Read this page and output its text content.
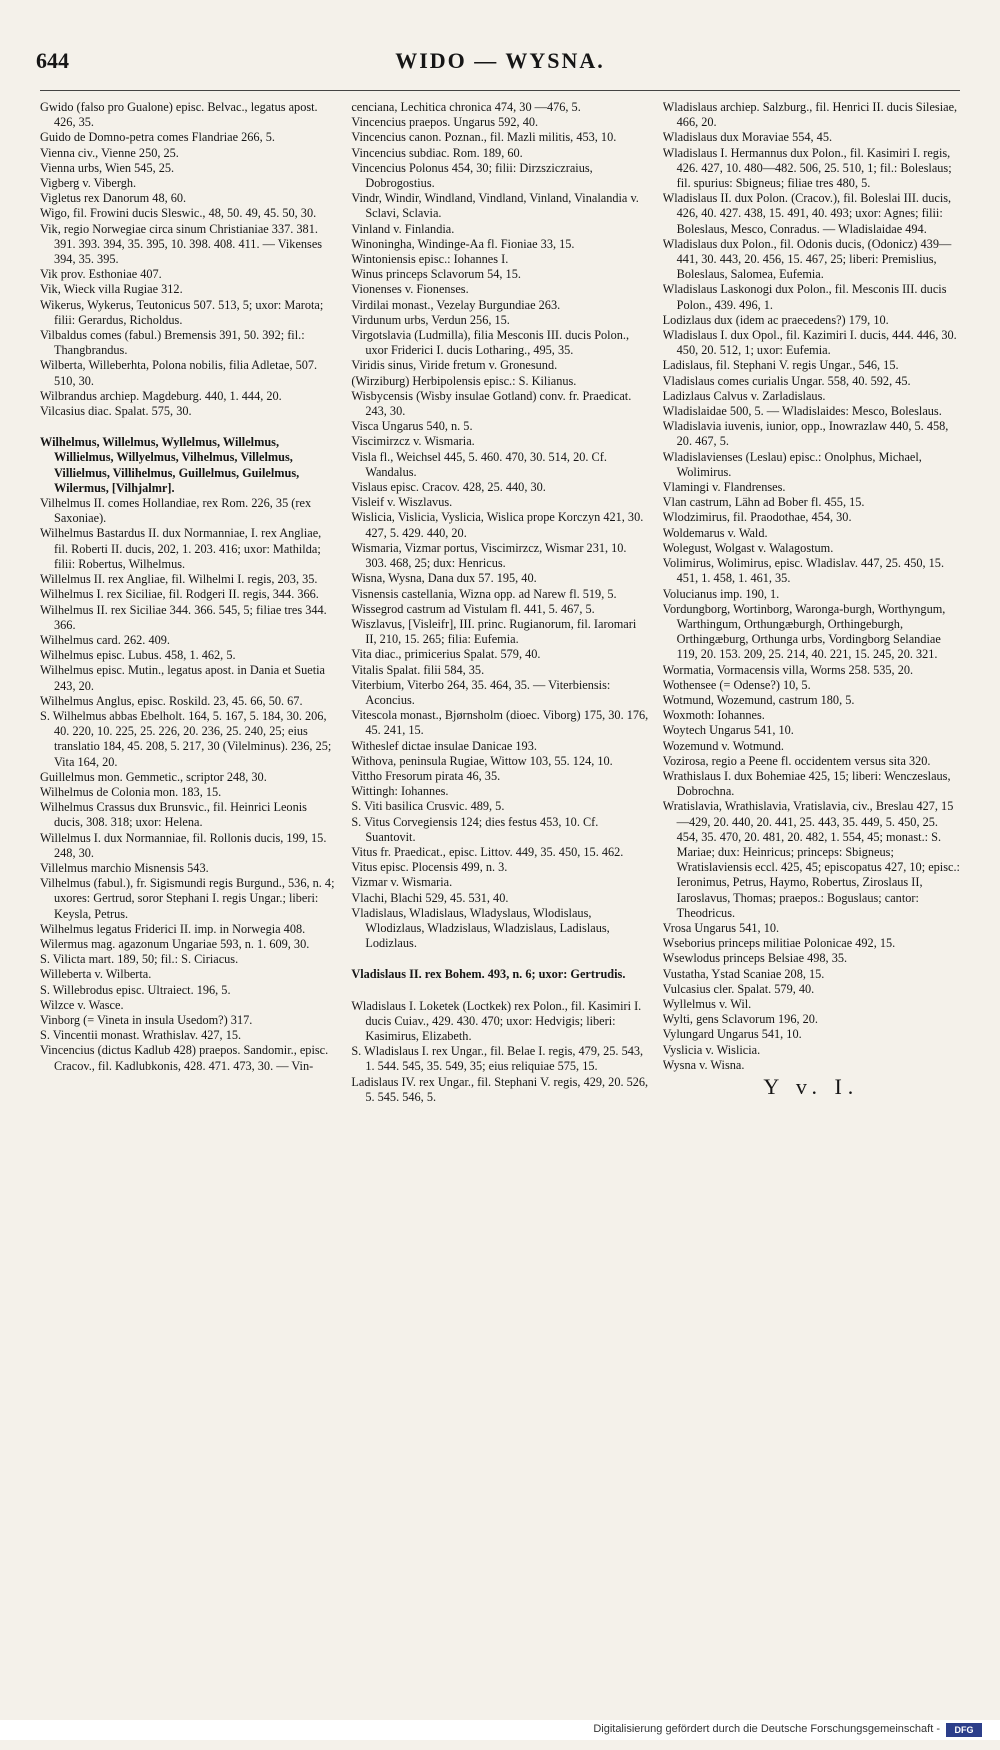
644	WIDO — WYSNA.
Gwido (falso pro Gualone) episc. Belvac., legatus apost. 426, 35.
Guido de Domno-petra comes Flandriae 266, 5.
Vienna civ., Vienne 250, 25.
Vienna urbs, Wien 545, 25.
Vigberg v. Vibergh.
Vigletus rex Danorum 48, 60.
Wigo, fil. Frowini ducis Sleswic., 48, 50. 49, 45. 50, 30.
Vik, regio Norwegiae circa sinum Christianiae 337. 381. 391. 393. 394, 35. 395, 10. 398. 408. 411. — Vikenses 394, 35. 395.
Vik prov. Esthoniae 407.
Vik, Wieck villa Rugiae 312.
Wikerus, Wykerus, Teutonicus 507. 513, 5; uxor: Marota; filii: Gerardus, Richoldus.
Vilbaldus comes (fabul.) Bremensis 391, 50. 392; fil.: Thangbrandus.
Wilberta, Willeberhta, Polona nobilis, filia Adletae, 507. 510, 30.
Wilbrandus archiep. Magdeburg. 440, 1. 444, 20.
Vilcasius diac. Spalat. 575, 30.
Wilhelmus, Willelmus, Wyllelmus, Willelmus, Willielmus, Willyelmus, Vilhelmus, Villelmus, Villielmus, Villihelmus, Guillelmus, Guilelmus, Wilermus, [Vilhjalmr].
Vilhelmus II. comes Hollandiae, rex Rom. 226, 35 (rex Saxoniae).
Wilhelmus Bastardus II. dux Normanniae, I. rex Angliae, fil. Roberti II. ducis, 202, 1. 203. 416; uxor: Mathilda; filii: Robertus, Wilhelmus.
Willelmus II. rex Angliae, fil. Wilhelmi I. regis, 203, 35.
Wilhelmus I. rex Siciliae, fil. Rodgeri II. regis, 344. 366.
Wilhelmus II. rex Siciliae 344. 366. 545, 5; filiae tres 344. 366.
Wilhelmus card. 262. 409.
Wilhelmus episc. Lubus. 458, 1. 462, 5.
Wilhelmus episc. Mutin., legatus apost. in Dania et Suetia 243, 20.
Wilhelmus Anglus, episc. Roskild. 23, 45. 66, 50. 67.
S. Wilhelmus abbas Ebelholt. 164, 5. 167, 5. 184, 30. 206, 40. 220, 10. 225, 25. 226, 20. 236, 25. 240, 25; eius translatio 184, 45. 208, 5. 217, 30 (Vilelminus). 236, 25; Vita 164, 20.
Guillelmus mon. Gemmetic., scriptor 248, 30.
Wilhelmus de Colonia mon. 183, 15.
Wilhelmus Crassus dux Brunsvic., fil. Heinrici Leonis ducis, 308. 318; uxor: Helena.
Willelmus I. dux Normanniae, fil. Rollonis ducis, 199, 15. 248, 30.
Villelmus marchio Misnensis 543.
Vilhelmus (fabul.), fr. Sigismundi regis Burgund., 536, n. 4; uxores: Gertrud, soror Stephani I. regis Ungar.; liberi: Keysla, Petrus.
Wilhelmus legatus Friderici II. imp. in Norwegia 408.
Wilermus mag. agazonum Ungariae 593, n. 1. 609, 30.
S. Vilicta mart. 189, 50; fil.: S. Ciriacus.
Willeberta v. Wilberta.
S. Willebrodus episc. Ultraiect. 196, 5.
Wilzce v. Wasce.
Vinborg (= Vineta in insula Usedom?) 317.
S. Vincentii monast. Wrathislav. 427, 15.
Vincencius (dictus Kadlub 428) praepos. Sandomir., episc. Cracov., fil. Kadlubkonis, 428. 471. 473, 30. — Vin-
cenciana, Lechitica chronica 474, 30 —476, 5.
Vincencius praepos. Ungarus 592, 40.
Vincencius canon. Poznan., fil. Mazli militis, 453, 10.
Vincencius subdiac. Rom. 189, 60.
Vincencius Polonus 454, 30; filii: Dirzsziczraius, Dobrogostius.
Vindr, Windir, Windland, Vindland, Vinland, Vinalandia v. Sclavi, Sclavia.
Vinland v. Finlandia.
Winoningha, Windinge-Aa fl. Fioniae 33, 15.
Wintoniensis episc.: Iohannes I.
Winus princeps Sclavorum 54, 15.
Vionenses v. Fionenses.
Virdilai monast., Vezelay Burgundiae 263.
Virdunum urbs, Verdun 256, 15.
Virgotslavia (Ludmilla), filia Mesconis III. ducis Polon., uxor Friderici I. ducis Lotharing., 495, 35.
Viridis sinus, Viride fretum v. Gronesund.
(Wirziburg) Herbipolensis episc.: S. Kilianus.
Wisbycensis (Wisby insulae Gotland) conv. fr. Praedicat. 243, 30.
Visca Ungarus 540, n. 5.
Viscimirzcz v. Wismaria.
Visla fl., Weichsel 445, 5. 460. 470, 30. 514, 20. Cf. Wandalus.
Vislaus episc. Cracov. 428, 25. 440, 30.
Visleif v. Wiszlavus.
Wislicia, Vislicia, Vyslicia, Wislica prope Korczyn 421, 30. 427, 5. 429. 440, 20.
Wismaria, Vizmar portus, Viscimirzcz, Wismar 231, 10. 303. 468, 25; dux: Henricus.
Wisna, Wysna, Dana dux 57. 195, 40.
Visnensis castellania, Wizna opp. ad Narew fl. 519, 5.
Wissegrod castrum ad Vistulam fl. 441, 5. 467, 5.
Wiszlavus, [Visleifr], III. princ. Rugianorum, fil. Iaromari II, 210, 15. 265; filia: Eufemia.
Vita diac., primicerius Spalat. 579, 40.
Vitalis Spalat. filii 584, 35.
Viterbium, Viterbo 264, 35. 464, 35. — Viterbiensis: Aconcius.
Vitescola monast., Bjørnsholm (dioec. Viborg) 175, 30. 176, 45. 241, 15.
Witheslef dictae insulae Danicae 193.
Withova, peninsula Rugiae, Wittow 103, 55. 124, 10.
Vittho Fresorum pirata 46, 35.
Wittingh: Iohannes.
S. Viti basilica Crusvic. 489, 5.
S. Vitus Corvegiensis 124; dies festus 453, 10. Cf. Suantovit.
Vitus fr. Praedicat., episc. Littov. 449, 35. 450, 15. 462.
Vitus episc. Plocensis 499, n. 3.
Vizmar v. Wismaria.
Vlachi, Blachi 529, 45. 531, 40.
Vladislaus, Wladislaus, Wladyslaus, Wlodislaus, Wlodizlaus, Wladzislaus, Wladzislaus, Ladislaus, Lodizlaus.
Vladislaus II. rex Bohem. 493, n. 6; uxor: Gertrudis.
Wladislaus I. Loketek (Loctkek) rex Polon., fil. Kasimiri I. ducis Cuiav., 429. 430. 470; uxor: Hedvigis; liberi: Kasimirus, Elizabeth.
S. Wladislaus I. rex Ungar., fil. Belae I. regis, 479, 25. 543, 1. 544. 545, 35. 549, 35; eius reliquiae 575, 15.
Ladislaus IV. rex Ungar., fil. Stephani V. regis, 429, 20. 526, 5. 545. 546, 5.
Wladislaus archiep. Salzburg., fil. Henrici II. ducis Silesiae, 466, 20.
Wladislaus dux Moraviae 554, 45.
Wladislaus I. Hermannus dux Polon., fil. Kasimiri I. regis, 426. 427, 10. 480—482. 506, 25. 510, 1; fil.: Boleslaus; fil. spurius: Sbigneus; filiae tres 480, 5.
Wladislaus II. dux Polon. (Cracov.), fil. Boleslai III. ducis, 426, 40. 427. 438, 15. 491, 40. 493; uxor: Agnes; filii: Boleslaus, Mesco, Conradus. — Wladislaidae 494.
Wladislaus dux Polon., fil. Odonis ducis, (Odonicz) 439—441, 30. 443, 20. 456, 15. 467, 25; liberi: Premislius, Boleslaus, Salomea, Eufemia.
Wladislaus Laskonogi dux Polon., fil. Mesconis III. ducis Polon., 439. 496, 1.
Lodizlaus dux (idem ac praecedens?) 179, 10.
Wladislaus I. dux Opol., fil. Kazimiri I. ducis, 444. 446, 30. 450, 20. 512, 1; uxor: Eufemia.
Ladislaus, fil. Stephani V. regis Ungar., 546, 15.
Vladislaus comes curialis Ungar. 558, 40. 592, 45.
Ladizlaus Calvus v. Zarladislaus.
Wladislaidae 500, 5. — Wladislaides: Mesco, Boleslaus.
Wladislavia iuvenis, iunior, opp., Inowrazlaw 440, 5. 458, 20. 467, 5.
Wladislavienses (Leslau) episc.: Onolphus, Michael, Wolimirus.
Vlamingi v. Flandrenses.
Vlan castrum, Lähn ad Bober fl. 455, 15.
Wlodzimirus, fil. Praodothae, 454, 30.
Woldemarus v. Wald.
Wolegust, Wolgast v. Walagostum.
Volimirus, Wolimirus, episc. Wladislav. 447, 25. 450, 15. 451, 1. 458, 1. 461, 35.
Volucianus imp. 190, 1.
Vordungborg, Wortinborg, Waronga-burgh, Worthyngum, Warthingum, Orthungæburgh, Orthingeburgh, Orthingæburg, Orthunga urbs, Vordingborg Selandiae 119, 20. 153. 209, 25. 214, 40. 221, 15. 245, 20. 321.
Wormatia, Vormacensis villa, Worms 258. 535, 20.
Wothensee (= Odense?) 10, 5.
Wotmund, Wozemund, castrum 180, 5.
Woxmoth: Iohannes.
Woytech Ungarus 541, 10.
Wozemund v. Wotmund.
Vozirosa, regio a Peene fl. occidentem versus sita 320.
Wrathislaus I. dux Bohemiae 425, 15; liberi: Wenczeslaus, Dobrochna.
Wratislavia, Wrathislavia, Vratislavia, civ., Breslau 427, 15—429, 20. 440, 20. 441, 25. 443, 35. 449, 5. 450, 25. 454, 35. 470, 20. 481, 20. 482, 1. 554, 45; monast.: S. Mariae; dux: Heinricus; princeps: Sbigneus; Wratislaviensis eccl. 425, 45; episcopatus 427, 10; episc.: Ieronimus, Petrus, Haymo, Robertus, Ziroslaus II, Iaroslavus, Thomas; praepos.: Boguslaus; cantor: Theodricus.
Vrosa Ungarus 541, 10.
Wseborius princeps militiae Polonicae 492, 15.
Wsewlodus princeps Belsiae 498, 35.
Vustatha, Ystad Scaniae 208, 15.
Vulcasius cler. Spalat. 579, 40.
Wyllelmus v. Wil.
Wylti, gens Sclavorum 196, 20.
Vylungard Ungarus 541, 10.
Vyslicia v. Wislicia.
Wysna v. Wisna.
Y v. I.
Digitalisierung gefördert durch die Deutsche Forschungsgemeinschaft -	DFG
